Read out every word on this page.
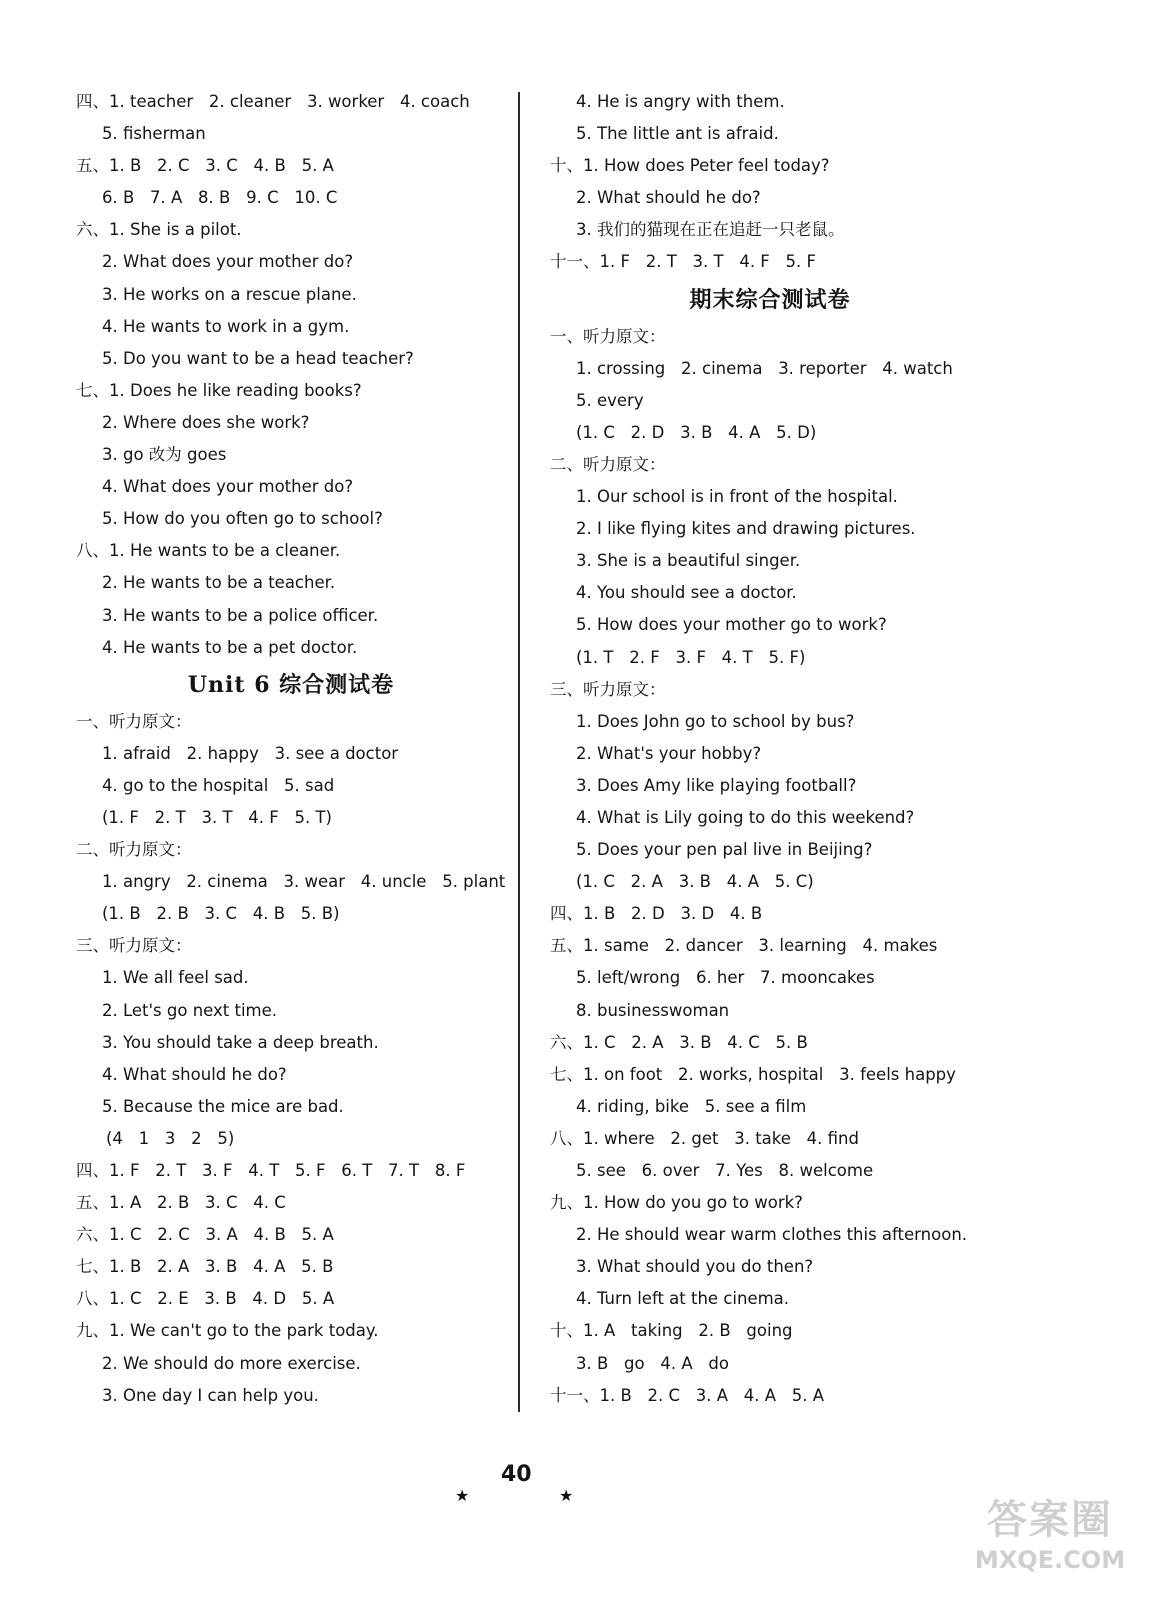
四、1. teacher   2. cleaner   3. worker   4. coach
5. fisherman
五、1. B   2. C   3. C   4. B   5. A
6. B   7. A   8. B   9. C   10. C
六、1. She is a pilot.
2. What does your mother do?
3. He works on a rescue plane.
4. He wants to work in a gym.
5. Do you want to be a head teacher?
七、1. Does he like reading books?
2. Where does she work?
3. go 改为 goes
4. What does your mother do?
5. How do you often go to school?
八、1. He wants to be a cleaner.
2. He wants to be a teacher.
3. He wants to be a police officer.
4. He wants to be a pet doctor.
Unit 6 综合测试卷
一、听力原文：
1. afraid   2. happy   3. see a doctor
4. go to the hospital   5. sad
(1. F   2. T   3. T   4. F   5. T)
二、听力原文：
1. angry   2. cinema   3. wear   4. uncle   5. plant
(1. B   2. B   3. C   4. B   5. B)
三、听力原文：
1. We all feel sad.
2. Let's go next time.
3. You should take a deep breath.
4. What should he do?
5. Because the mice are bad.
(4   1   3   2   5)
四、1. F   2. T   3. F   4. T   5. F   6. T   7. T   8. F
五、1. A   2. B   3. C   4. C
六、1. C   2. C   3. A   4. B   5. A
七、1. B   2. A   3. B   4. A   5. B
八、1. C   2. E   3. B   4. D   5. A
九、1. We can't go to the park today.
2. We should do more exercise.
3. One day I can help you.
4. He is angry with them.
5. The little ant is afraid.
十、1. How does Peter feel today?
2. What should he do?
3. 我们的猫现在正在追赶一只老鼠。
十一、1. F   2. T   3. T   4. F   5. F
期末综合测试卷
一、听力原文：
1. crossing   2. cinema   3. reporter   4. watch
5. every
(1. C   2. D   3. B   4. A   5. D)
二、听力原文：
1. Our school is in front of the hospital.
2. I like flying kites and drawing pictures.
3. She is a beautiful singer.
4. You should see a doctor.
5. How does your mother go to work?
(1. T   2. F   3. F   4. T   5. F)
三、听力原文：
1. Does John go to school by bus?
2. What's your hobby?
3. Does Amy like playing football?
4. What is Lily going to do this weekend?
5. Does your pen pal live in Beijing?
(1. C   2. A   3. B   4. A   5. C)
四、1. B   2. D   3. D   4. B
五、1. same   2. dancer   3. learning   4. makes
5. left/wrong   6. her   7. mooncakes
8. businesswoman
六、1. C   2. A   3. B   4. C   5. B
七、1. on foot   2. works, hospital   3. feels happy
4. riding, bike   5. see a film
八、1. where   2. get   3. take   4. find
5. see   6. over   7. Yes   8. welcome
九、1. How do you go to work?
2. He should wear warm clothes this afternoon.
3. What should you do then?
4. Turn left at the cinema.
十、1. A   taking   2. B   going
3. B   go   4. A   do
十一、1. B   2. C   3. A   4. A   5. A
★
40
★
答案圈
MXQE.COM
